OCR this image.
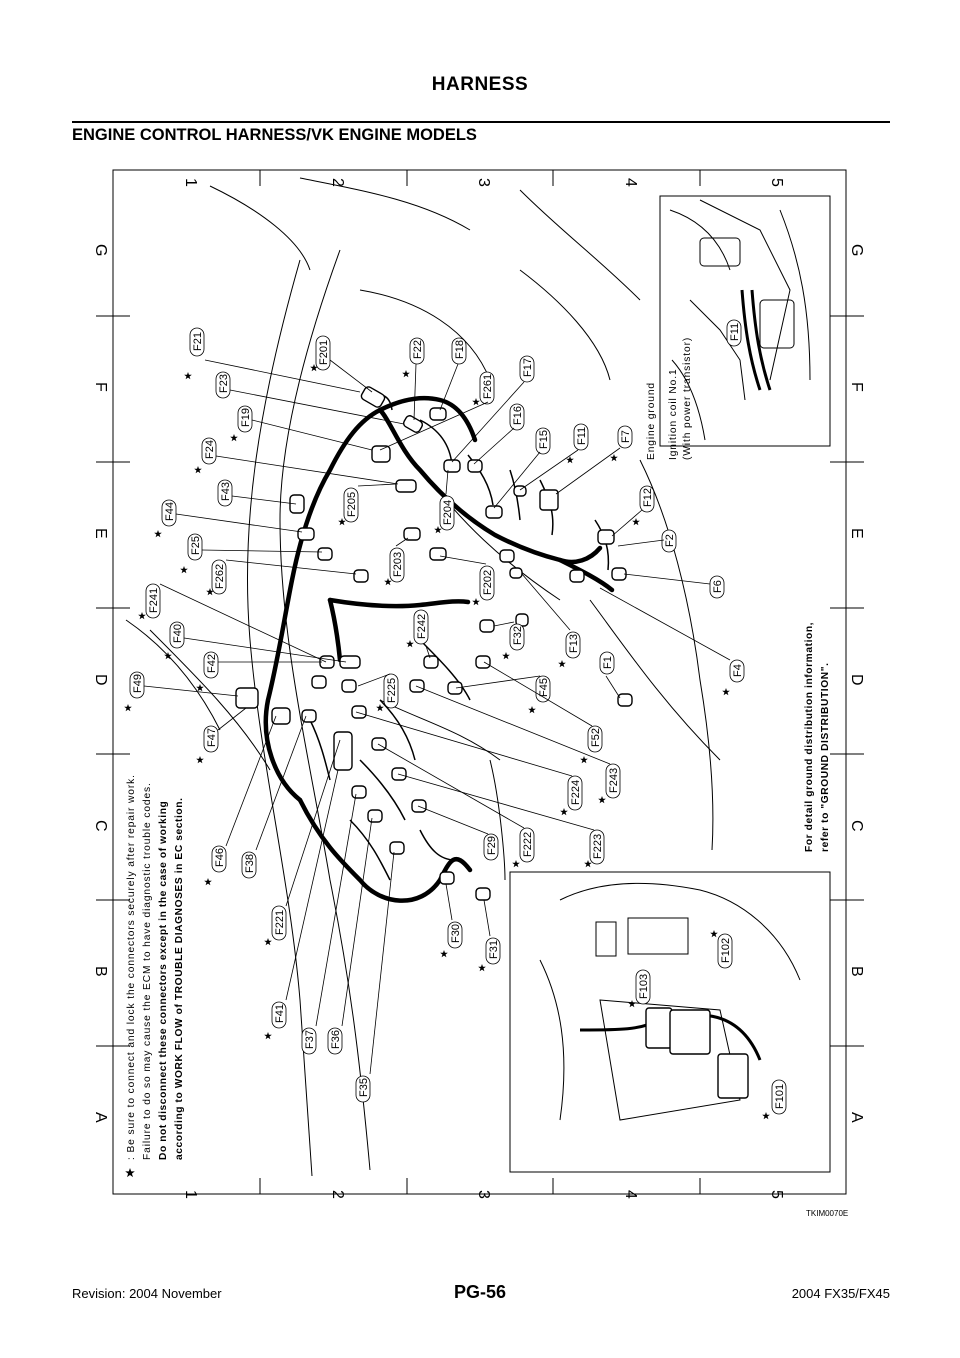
HARNESS
ENGINE CONTROL HARNESS/VK ENGINE MODELS
1	2	3	4	5
1	2	3	4	5
A
B
C
D
E
F
G
A
B
C
D
E
F
G
F21	F201	F22	F18
F261
F17
F23
F19	F16
F15 F11	F7
F24
F43
F205	F204
F12
F2
F44
F25
F262	F203
F202	F6
F241
F40	F242	F32	F13
F1
F4
F49
F42
F225	F45
F52
F47
F224 F243
F46 F38
F29 F222	F223
F221	F30
F31
F41
F37 F36
F35
Engine ground Ignition coil No.1 (With power transistor)
F11
F103
F102
F101
: Be sure to connect and lock the connectors securely after repair work. Failure to do so may cause the ECM to have diagnostic trouble codes. Do not disconnect these connectors except in the case of working according to WORK FLOW of TROUBLE DIAGNOSES in EC section.
For detail ground distribution information, refer to "GROUND DISTRIBUTION".
TKIM0070E
Revision: 2004 November	PG-56	2004 FX35/FX45
